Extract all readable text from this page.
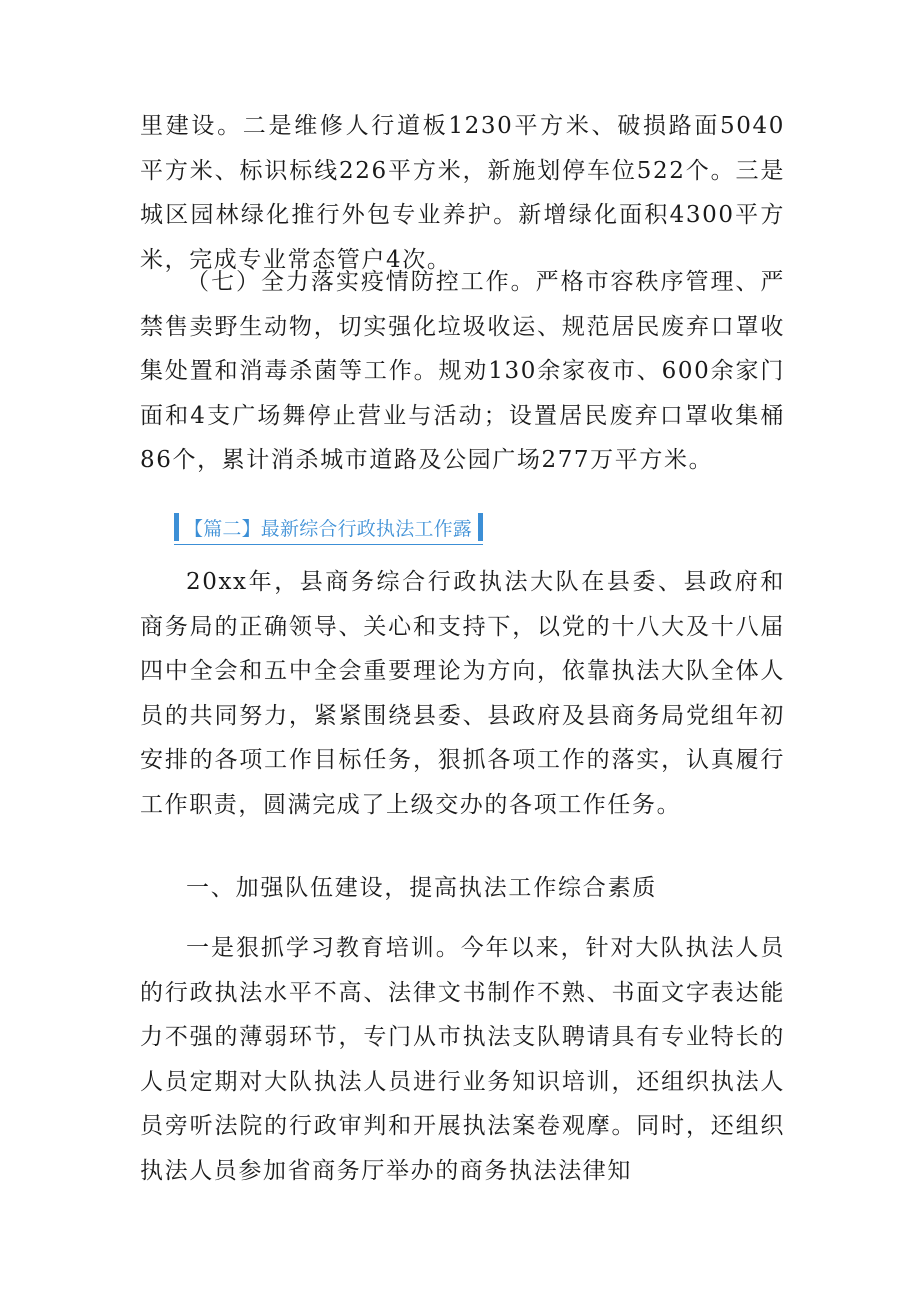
里建设。二是维修人行道板1230平方米、破损路面5040平方米、标识标线226平方米，新施划停车位522个。三是城区园林绿化推行外包专业养护。新增绿化面积4300平方米，完成专业常态管户4次。

（七）全力落实疫情防控工作。严格市容秩序管理、严禁售卖野生动物，切实强化垃圾收运、规范居民废弃口罩收集处置和消毒杀菌等工作。规劝130余家夜市、600余家门面和4支广场舞停止营业与活动；设置居民废弃口罩收集桶86个，累计消杀城市道路及公园广场277万平方米。

【篇二】最新综合行政执法工作露

20xx年，县商务综合行政执法大队在县委、县政府和商务局的正确领导、关心和支持下，以党的十八大及十八届四中全会和五中全会重要理论为方向，依靠执法大队全体人员的共同努力，紧紧围绕县委、县政府及县商务局党组年初安排的各项工作目标任务，狠抓各项工作的落实，认真履行工作职责，圆满完成了上级交办的各项工作任务。

一、加强队伍建设，提高执法工作综合素质

一是狠抓学习教育培训。今年以来，针对大队执法人员的行政执法水平不高、法律文书制作不熟、书面文字表达能力不强的薄弱环节，专门从市执法支队聘请具有专业特长的人员定期对大队执法人员进行业务知识培训，还组织执法人员旁听法院的行政审判和开展执法案卷观摩。同时，还组织执法人员参加省商务厅举办的商务执法法律知
